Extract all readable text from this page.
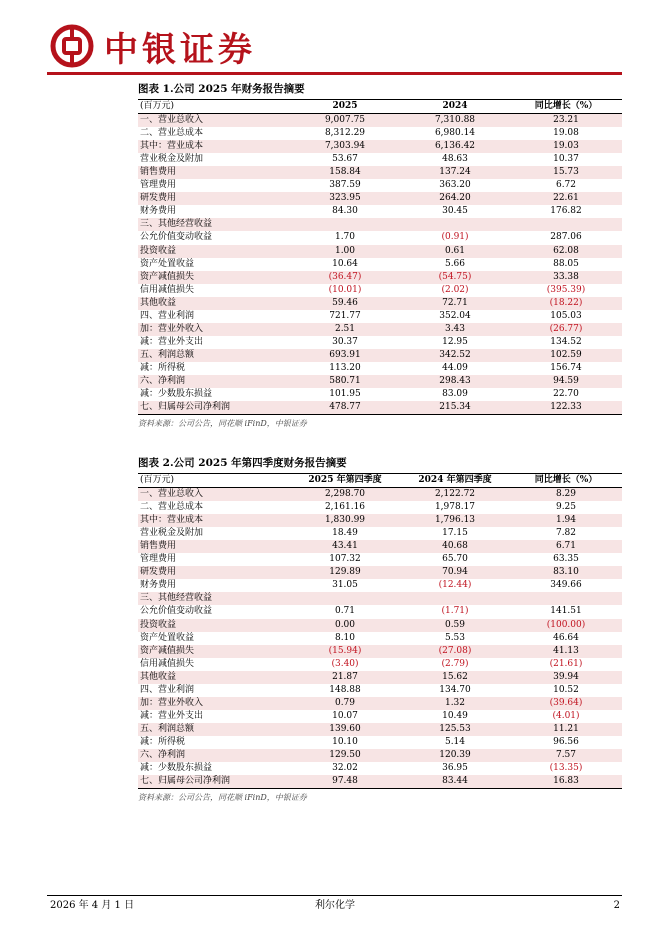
中银证券
图表 1.公司 2025 年财务报告摘要
(百万元)	2025	2024	同比增长（%）
一、营业总收入	9,007.75	7,310.88	23.21
二、营业总成本	8,312.29	6,980.14	19.08
其中：营业成本	7,303.94	6,136.42	19.03
营业税金及附加	53.67	48.63	10.37
销售费用	158.84	137.24	15.73
管理费用	387.59	363.20	6.72
研发费用	323.95	264.20	22.61
财务费用	84.30	30.45	176.82
三、其他经营收益			
公允价值变动收益	1.70	(0.91)	287.06
投资收益	1.00	0.61	62.08
资产处置收益	10.64	5.66	88.05
资产减值损失	(36.47)	(54.75)	33.38
信用减值损失	(10.01)	(2.02)	(395.39)
其他收益	59.46	72.71	(18.22)
四、营业利润	721.77	352.04	105.03
加：营业外收入	2.51	3.43	(26.77)
减：营业外支出	30.37	12.95	134.52
五、利润总额	693.91	342.52	102.59
减：所得税	113.20	44.09	156.74
六、净利润	580.71	298.43	94.59
减：少数股东损益	101.95	83.09	22.70
七、归属母公司净利润	478.77	215.34	122.33
资料来源：公司公告，同花顺 iFinD，中银证券
图表 2.公司 2025 年第四季度财务报告摘要
(百万元)	2025 年第四季度	2024 年第四季度	同比增长（%）
一、营业总收入	2,298.70	2,122.72	8.29
二、营业总成本	2,161.16	1,978.17	9.25
其中：营业成本	1,830.99	1,796.13	1.94
营业税金及附加	18.49	17.15	7.82
销售费用	43.41	40.68	6.71
管理费用	107.32	65.70	63.35
研发费用	129.89	70.94	83.10
财务费用	31.05	(12.44)	349.66
三、其他经营收益			
公允价值变动收益	0.71	(1.71)	141.51
投资收益	0.00	0.59	(100.00)
资产处置收益	8.10	5.53	46.64
资产减值损失	(15.94)	(27.08)	41.13
信用减值损失	(3.40)	(2.79)	(21.61)
其他收益	21.87	15.62	39.94
四、营业利润	148.88	134.70	10.52
加：营业外收入	0.79	1.32	(39.64)
减：营业外支出	10.07	10.49	(4.01)
五、利润总额	139.60	125.53	11.21
减：所得税	10.10	5.14	96.56
六、净利润	129.50	120.39	7.57
减：少数股东损益	32.02	36.95	(13.35)
七、归属母公司净利润	97.48	83.44	16.83
资料来源：公司公告，同花顺 iFinD，中银证券
2026 年 4 月 1 日	利尔化学	2
